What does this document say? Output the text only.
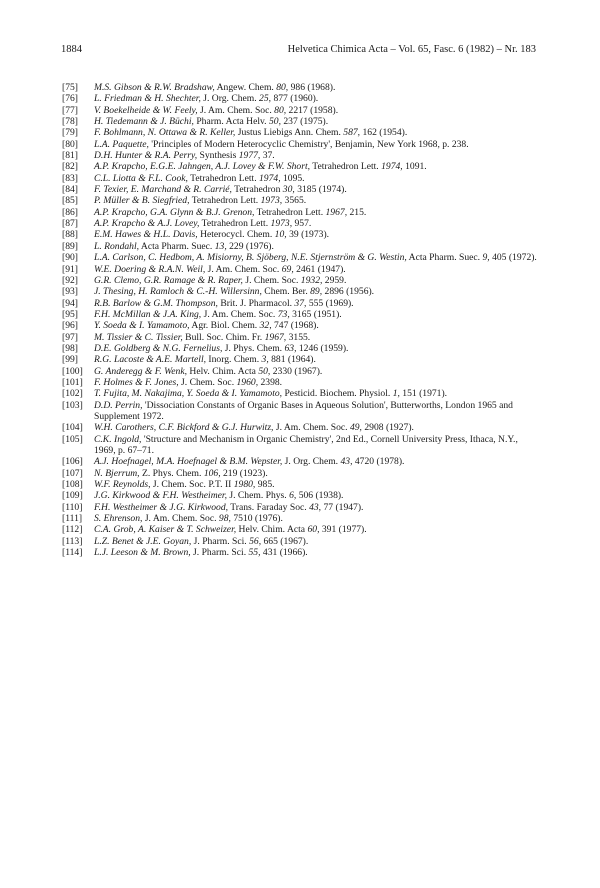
1884	Helvetica Chimica Acta – Vol. 65, Fasc. 6 (1982) – Nr. 183
[75] M.S. Gibson & R.W. Bradshaw, Angew. Chem. 80, 986 (1968).
[76] L. Friedman & H. Shechter, J. Org. Chem. 25, 877 (1960).
[77] V. Boekelheide & W. Feely, J. Am. Chem. Soc. 80, 2217 (1958).
[78] H. Tiedemann & J. Büchi, Pharm. Acta Helv. 50, 237 (1975).
[79] F. Bohlmann, N. Ottawa & R. Keller, Justus Liebigs Ann. Chem. 587, 162 (1954).
[80] L.A. Paquette, 'Principles of Modern Heterocyclic Chemistry', Benjamin, New York 1968, p. 238.
[81] D.H. Hunter & R.A. Perry, Synthesis 1977, 37.
[82] A.P. Krapcho, E.G.E. Jahngen, A.J. Lovey & F.W. Short, Tetrahedron Lett. 1974, 1091.
[83] C.L. Liotta & F.L. Cook, Tetrahedron Lett. 1974, 1095.
[84] F. Texier, E. Marchand & R. Carrié, Tetrahedron 30, 3185 (1974).
[85] P. Müller & B. Siegfried, Tetrahedron Lett. 1973, 3565.
[86] A.P. Krapcho, G.A. Glynn & B.J. Grenon, Tetrahedron Lett. 1967, 215.
[87] A.P. Krapcho & A.J. Lovey, Tetrahedron Lett. 1973, 957.
[88] E.M. Hawes & H.L. Davis, Heterocycl. Chem. 10, 39 (1973).
[89] L. Rondahl, Acta Pharm. Suec. 13, 229 (1976).
[90] L.A. Carlson, C. Hedbom, A. Misiorny, B. Sjöberg, N.E. Stjernström & G. Westin, Acta Pharm. Suec. 9, 405 (1972).
[91] W.E. Doering & R.A.N. Weil, J. Am. Chem. Soc. 69, 2461 (1947).
[92] G.R. Clemo, G.R. Ramage & R. Raper, J. Chem. Soc. 1932, 2959.
[93] J. Thesing, H. Ramloch & C.-H. Willersinn, Chem. Ber. 89, 2896 (1956).
[94] R.B. Barlow & G.M. Thompson, Brit. J. Pharmacol. 37, 555 (1969).
[95] F.H. McMillan & J.A. King, J. Am. Chem. Soc. 73, 3165 (1951).
[96] Y. Soeda & I. Yamamoto, Agr. Biol. Chem. 32, 747 (1968).
[97] M. Tissier & C. Tissier, Bull. Soc. Chim. Fr. 1967, 3155.
[98] D.E. Goldberg & N.G. Fernelius, J. Phys. Chem. 63, 1246 (1959).
[99] R.G. Lacoste & A.E. Martell, Inorg. Chem. 3, 881 (1964).
[100] G. Anderegg & F. Wenk, Helv. Chim. Acta 50, 2330 (1967).
[101] F. Holmes & F. Jones, J. Chem. Soc. 1960, 2398.
[102] T. Fujita, M. Nakajima, Y. Soeda & I. Yamamoto, Pesticid. Biochem. Physiol. 1, 151 (1971).
[103] D.D. Perrin, 'Dissociation Constants of Organic Bases in Aqueous Solution', Butterworths, London 1965 and Supplement 1972.
[104] W.H. Carothers, C.F. Bickford & G.J. Hurwitz, J. Am. Chem. Soc. 49, 2908 (1927).
[105] C.K. Ingold, 'Structure and Mechanism in Organic Chemistry', 2nd Ed., Cornell University Press, Ithaca, N.Y., 1969, p. 67–71.
[106] A.J. Hoefnagel, M.A. Hoefnagel & B.M. Wepster, J. Org. Chem. 43, 4720 (1978).
[107] N. Bjerrum, Z. Phys. Chem. 106, 219 (1923).
[108] W.F. Reynolds, J. Chem. Soc. P.T. II 1980, 985.
[109] J.G. Kirkwood & F.H. Westheimer, J. Chem. Phys. 6, 506 (1938).
[110] F.H. Westheimer & J.G. Kirkwood, Trans. Faraday Soc. 43, 77 (1947).
[111] S. Ehrenson, J. Am. Chem. Soc. 98, 7510 (1976).
[112] C.A. Grob, A. Kaiser & T. Schweizer, Helv. Chim. Acta 60, 391 (1977).
[113] L.Z. Benet & J.E. Goyan, J. Pharm. Sci. 56, 665 (1967).
[114] L.J. Leeson & M. Brown, J. Pharm. Sci. 55, 431 (1966).
